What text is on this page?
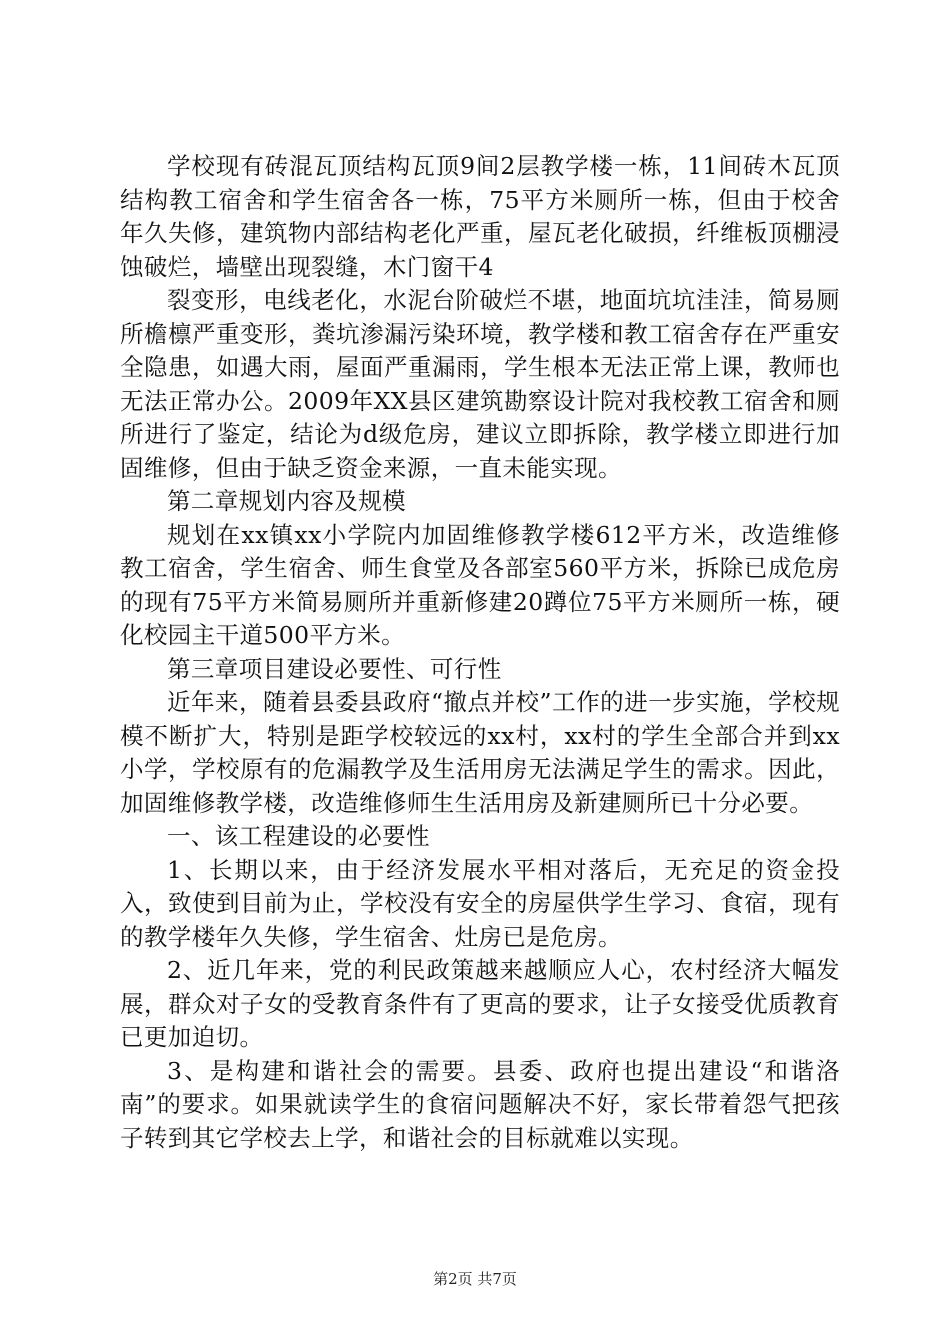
学校现有砖混瓦顶结构瓦顶9间2层教学楼一栋，11间砖木瓦顶结构教工宿舍和学生宿舍各一栋，75平方米厕所一栋，但由于校舍年久失修，建筑物内部结构老化严重，屋瓦老化破损，纤维板顶棚浸蚀破烂，墙壁出现裂缝，木门窗干4

裂变形，电线老化，水泥台阶破烂不堪，地面坑坑洼洼，简易厕所檐檩严重变形，粪坑渗漏污染环境，教学楼和教工宿舍存在严重安全隐患，如遇大雨，屋面严重漏雨，学生根本无法正常上课，教师也无法正常办公。2009年XX县区建筑勘察设计院对我校教工宿舍和厕所进行了鉴定，结论为d级危房，建议立即拆除，教学楼立即进行加固维修，但由于缺乏资金来源，一直未能实现。

第二章规划内容及规模

规划在xx镇xx小学院内加固维修教学楼612平方米，改造维修教工宿舍，学生宿舍、师生食堂及各部室560平方米，拆除已成危房的现有75平方米简易厕所并重新修建20蹲位75平方米厕所一栋，硬化校园主干道500平方米。

第三章项目建设必要性、可行性

近年来，随着县委县政府“撤点并校”工作的进一步实施，学校规模不断扩大，特别是距学校较远的xx村，xx村的学生全部合并到xx小学，学校原有的危漏教学及生活用房无法满足学生的需求。因此，加固维修教学楼，改造维修师生生活用房及新建厕所已十分必要。

一、该工程建设的必要性

1、长期以来，由于经济发展水平相对落后，无充足的资金投入，致使到目前为止，学校没有安全的房屋供学生学习、食宿，现有的教学楼年久失修，学生宿舍、灶房已是危房。

2、近几年来，党的利民政策越来越顺应人心，农村经济大幅发展，群众对子女的受教育条件有了更高的要求，让子女接受优质教育已更加迫切。

3、是构建和谐社会的需要。县委、政府也提出建设“和谐洛南”的要求。如果就读学生的食宿问题解决不好，家长带着怨气把孩子转到其它学校去上学，和谐社会的目标就难以实现。

第2页 共7页
